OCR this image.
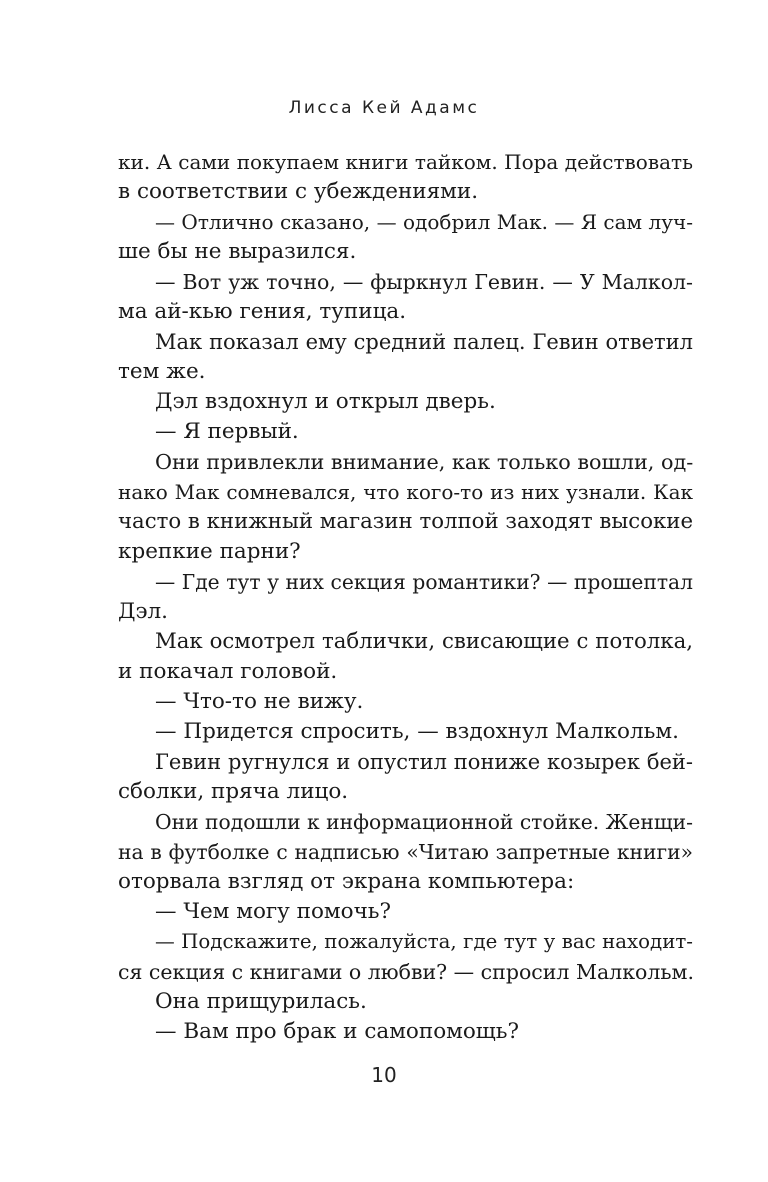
Лисса Кей Адамс
ки. А сами покупаем книги тайком. Пора действовать
в соответствии с убеждениями.
— Отлично сказано, — одобрил Мак. — Я сам луч-
ше бы не выразился.
— Вот уж точно, — фыркнул Гевин. — У Малкол-
ма ай-кью гения, тупица.
Мак показал ему средний палец. Гевин ответил
тем же.
Дэл вздохнул и открыл дверь.
— Я первый.
Они привлекли внимание, как только вошли, од-
нако Мак сомневался, что кого-то из них узнали. Как
часто в книжный магазин толпой заходят высокие
крепкие парни?
— Где тут у них секция романтики? — прошептал
Дэл.
Мак осмотрел таблички, свисающие с потолка,
и покачал головой.
— Что-то не вижу.
— Придется спросить, — вздохнул Малкольм.
Гевин ругнулся и опустил пониже козырек бей-
сболки, пряча лицо.
Они подошли к информационной стойке. Женщи-
на в футболке с надписью «Читаю запретные книги»
оторвала взгляд от экрана компьютера:
— Чем могу помочь?
— Подскажите, пожалуйста, где тут у вас находит-
ся секция с книгами о любви? — спросил Малкольм.
Она прищурилась.
— Вам про брак и самопомощь?
10
